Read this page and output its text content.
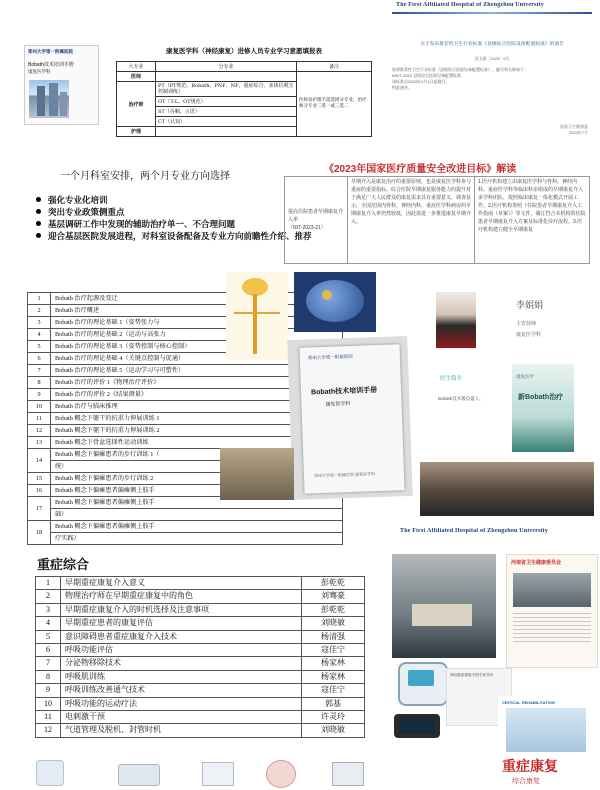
The First Affiliated Hospital of Zhengzhou University
郑州大学第一附属医院
Bobath技术培训手册
康复医学科
康复医学科（神经康复）进修人员专业学习意愿填报表
大专业	分专业	备注
医师		医师及护理不需选择分专业，治疗师分专业三选一或三选二
治疗师	PT（PT规范、Bobath、PNF、NF、重症综合、多体位脱宝控制训练）	
	OT（T-L、OT规范）	
	ST（吞咽、言语）	
	CT（认知）	
护理		
关于发布推荐性卫生行业标准《县级综合医院设备配置标准》的通告
国卫通〔2023〕6号
现将推荐性卫生行业标准《县级综合医院设备配置标准》，编号和名称如下：
WS/T-2023 县级综合医院设备配置标准
该标准自2024年1月1日起施行。
特此通告。
国家卫生健康委
2023年7月
一个月科室安排，两个月专业方向选择
强化专业化培训
突出专业政策侧重点
基层调研工作中发现的辅助治疗单一、不合理问题
迎合基层医院发展进程，对科室设备配备及专业方向前瞻性介绍、推荐
《2023年国家医疗质量安全改进目标》解读
提高住院患者早期康复介入率
（NIT-2023-21）
	早期介入是康复治疗的重要原则，也是康复医学科参与重症的重要指标。综合医院早期康复服务能力的提升对于满足广大人民群众的康复需求具有重要意义。调查显示，全国范围内骨科、神经内科、重症医学科病房的早期康复介入率仍然较低，因此需进一步推进康复早期介入。	1.医疗机构建立由康复医学科与骨科、神经内科、重症医学科等临床科室组成的早期康复介入多学科团队，按照临床康复一体化模式开展工作。2.医疗机构参照《住院患者早期康复介入工作指南（草案）》等文件，制订符合本机构的住院患者早期康复介入方案及标准化诊疗流程。3.医疗机构建立健全早期康复
1	Bobath 治疗起源及变迁
2	Bobath 治疗概述
3	Bobath 治疗的理论基础 1（姿势张力与
4	Bobath 治疗的理论基础 2（运动与高张力
5	Bobath 治疗的理论基础 3（姿势控制与核心控制）
6	Bobath 治疗的理论基础 4（关键点控制与促通）
7	Bobath 治疗的理论基础 5（运动学习与可塑性）
8	Bobath 治疗的评价 1《物理治疗评价》
9	Bobath 治疗的评价 2《结果测量》
10	Bobath 治疗与临床推理
11	Bobath 概念下躯干的抗重力伸展训练 1
12	Bobath 概念下躯干的抗重力伸展训练 2
13	Bobath 概念下骨盆选择性运动训练
14	Bobath 概念下偏瘫患者的步行训练 1（
	统）
15	Bobath 概念下偏瘫患者的步行训练 2
16	Bobath 概念下偏瘫患者偏瘫侧上肢手
17	Bobath 概念下偏瘫患者偏瘫侧上肢手
	础）
18	Bobath 概念下偏瘫患者偏瘫侧上肢手
	疗实践）
郑州大学第一附属医院
Bobath技术培训手册
康复医学科
郑州大学第一附属医院 康复医学科
李娟娟
主管技师
康复医学科
医生简介
Bobath技术极负盛人。
康复医学
新Bobath治疗
The First Affiliated Hospital of Zhengzhou University
重症综合
1	早期重症康复介入意义	彭乾乾
2	物理治疗师在早期重症康复中的角色	刘骞豪
3	早期重症康复介入的时机选择及注意事项	彭乾乾
4	早期重症患者的康复评估	刘晓敏
5	意识障碍患者重症康复介入技术	杨清强
6	呼吸功能评估	寇佳宁
7	分泌物移除技术	杨家林
8	呼吸肌训练	杨家林
9	呼吸训练改善通气技术	寇佳宁
10	呼吸功能的运动疗法	郭基
11	电刺激干预	许灵玲
12	气道管理及脱机、封管时机	刘晓敏
河南省卫生健康委员会
神经重症康复中国专家共识
CRITICAL REHABILITATION
重症康复
综合康复
